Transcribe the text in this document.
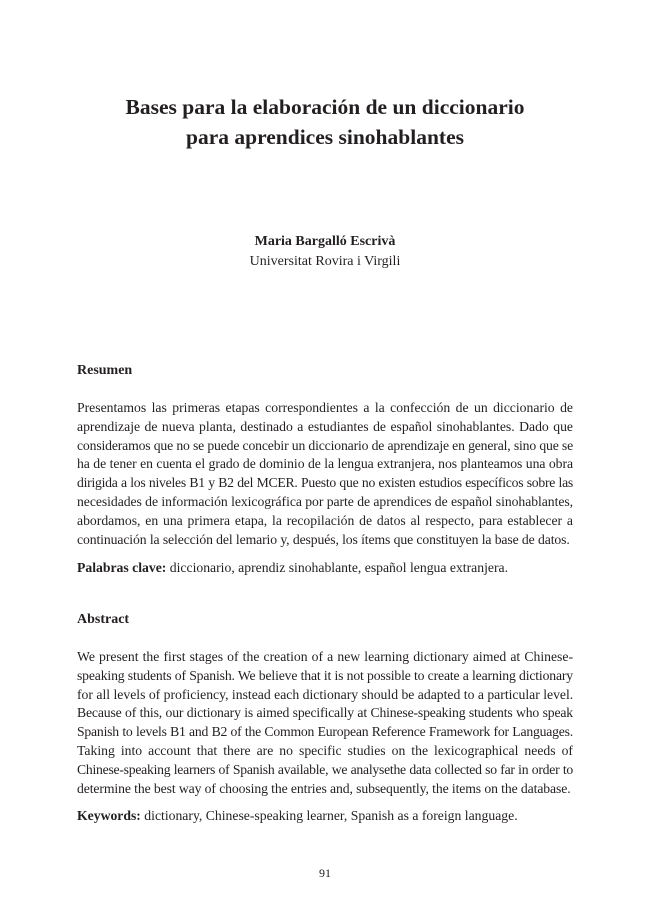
Bases para la elaboración de un diccionario
para aprendices sinohablantes
Maria Bargalló Escrivà
Universitat Rovira i Virgili
Resumen
Presentamos las primeras etapas correspondientes a la confección de un diccionario de
aprendizaje de nueva planta, destinado a estudiantes de español sinohablantes. Dado que
consideramos que no se puede concebir un diccionario de aprendizaje en general, sino que se
ha de tener en cuenta el grado de dominio de la lengua extranjera, nos planteamos una obra
dirigida a los niveles B1 y B2 del MCER. Puesto que no existen estudios específicos sobre las
necesidades de información lexicográfica por parte de aprendices de español sinohablantes,
abordamos, en una primera etapa, la recopilación de datos al respecto, para establecer a
continuación la selección del lemario y, después, los ítems que constituyen la base de datos.

Palabras clave: diccionario, aprendiz sinohablante, español lengua extranjera.

Abstract
We present the first stages of the creation of a new learning dictionary aimed at Chinese-
speaking students of Spanish. We believe that it is not possible to create a learning dictionary
for all levels of proficiency, instead each dictionary should be adapted to a particular level.
Because of this, our dictionary is aimed specifically at Chinese-speaking students who speak
Spanish to levels B1 and B2 of the Common European Reference Framework for Languages.
Taking into account that there are no specific studies on the lexicographical needs of
Chinese-speaking learners of Spanish available, we analysethe data collected so far in order to
determine the best way of choosing the entries and, subsequently, the items on the database.

Keywords: dictionary, Chinese-speaking learner, Spanish as a foreign language.

91
